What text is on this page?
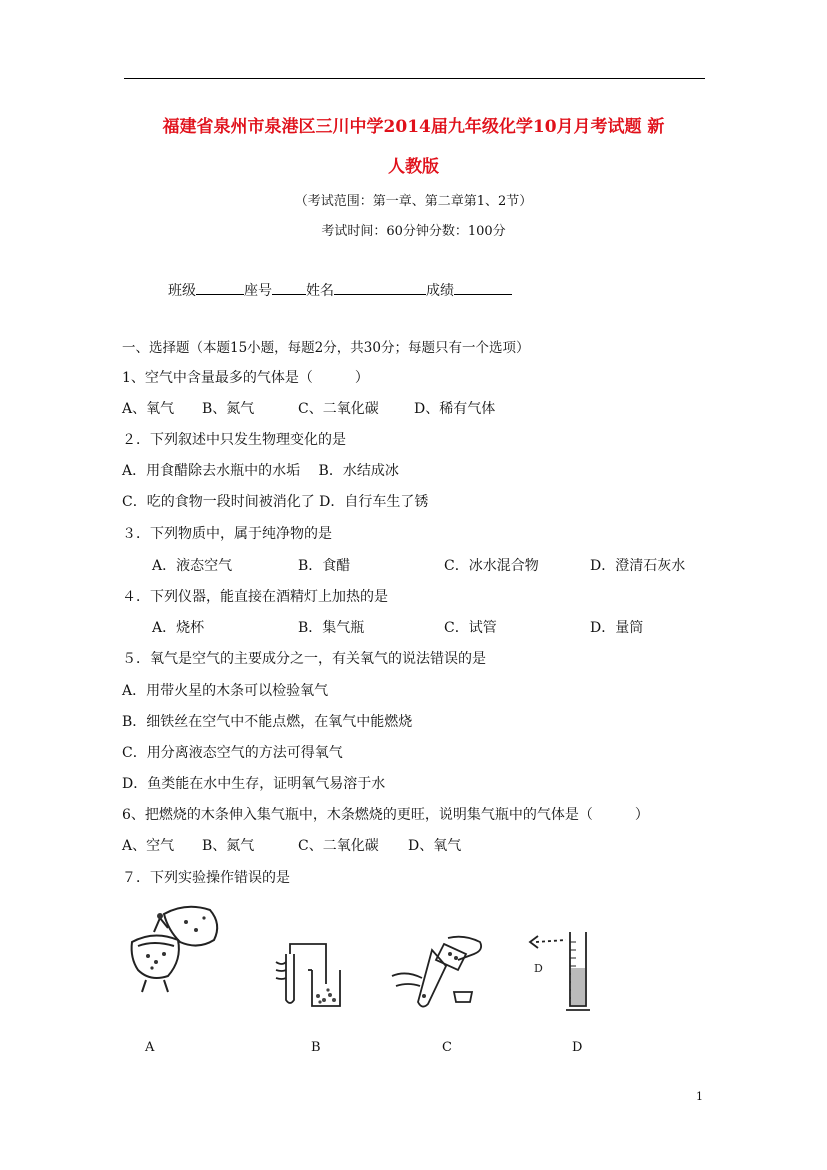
福建省泉州市泉港区三川中学2014届九年级化学10月月考试题 新
人教版
（考试范围：第一章、第二章第1、2节）
考试时间：60分钟分数：100分
班级	座号 姓名	成绩
一、选择题（本题15小题，每题2分，共30分；每题只有一个选项）
1、空气中含量最多的气体是（　　　）
A、氧气 B、氮气	C、二氧化碳	D、稀有气体
２．下列叙述中只发生物理变化的是
A．用食醋除去水瓶中的水垢　 B．水结成冰
C．吃的食物一段时间被消化了 D．自行车生了锈
３．下列物质中，属于纯净物的是
A．液态空气	B．食醋	C．冰水混合物	D．澄清石灰水
４．下列仪器，能直接在酒精灯上加热的是
A．烧杯	B．集气瓶	C．试管	D．量筒
５．氧气是空气的主要成分之一，有关氧气的说法错误的是
A．用带火星的木条可以检验氧气
B．细铁丝在空气中不能点燃，在氧气中能燃烧
C．用分离液态空气的方法可得氧气
D．鱼类能在水中生存，证明氧气易溶于水
6、把燃烧的木条伸入集气瓶中，木条燃烧的更旺，说明集气瓶中的气体是（　　　）
A、空气 B、氮气	C、二氧化碳 D、氧气
７．下列实验操作错误的是
D
A	B	C	D
1
